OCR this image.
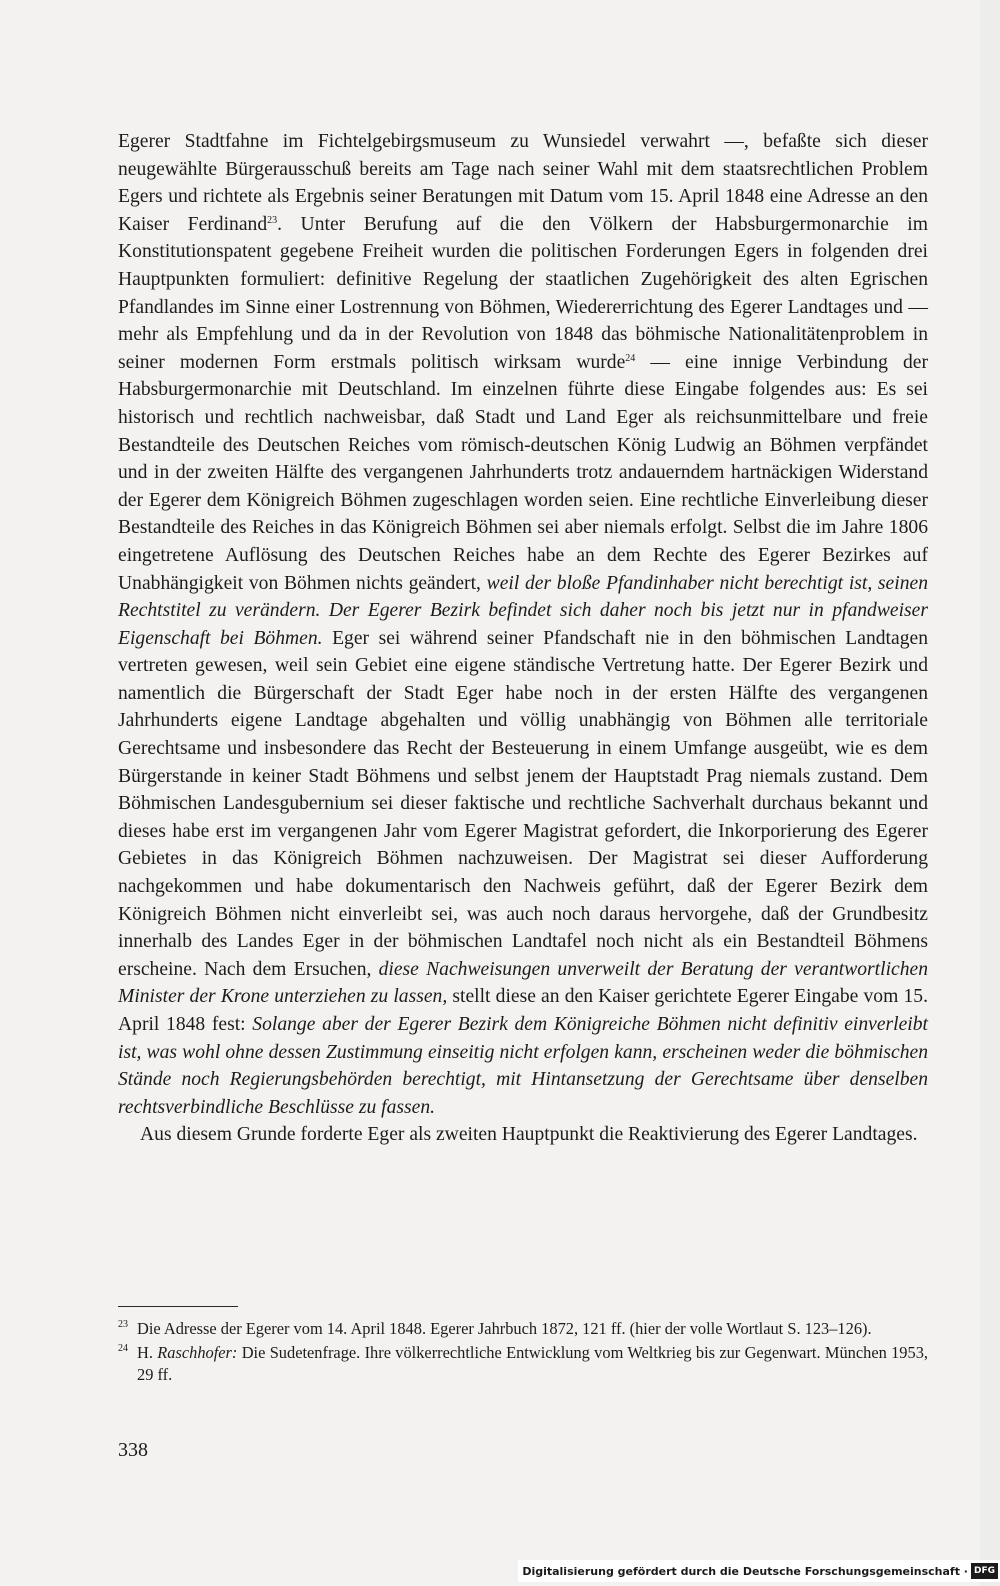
Egerer Stadtfahne im Fichtelgebirgsmuseum zu Wunsiedel verwahrt —, befaßte sich dieser neugewählte Bürgerausschuß bereits am Tage nach seiner Wahl mit dem staatsrechtlichen Problem Egers und richtete als Ergebnis seiner Beratungen mit Datum vom 15. April 1848 eine Adresse an den Kaiser Ferdinand$^{23}$. Unter Berufung auf die den Völkern der Habsburgermonarchie im Konstitutionspatent gegebene Freiheit wurden die politischen Forderungen Egers in folgenden drei Hauptpunkten formuliert: definitive Regelung der staatlichen Zugehörigkeit des alten Egrischen Pfandlandes im Sinne einer Lostrennung von Böhmen, Wiedererrichtung des Egerer Landtages und — mehr als Empfehlung und da in der Revolution von 1848 das böhmische Nationalitätenproblem in seiner modernen Form erstmals politisch wirksam wurde$^{24}$ — eine innige Verbindung der Habsburgermonarchie mit Deutschland. Im einzelnen führte diese Eingabe folgendes aus: Es sei historisch und rechtlich nachweisbar, daß Stadt und Land Eger als reichsunmittelbare und freie Bestandteile des Deutschen Reiches vom römisch-deutschen König Ludwig an Böhmen verpfändet und in der zweiten Hälfte des vergangenen Jahrhunderts trotz andauerndem hartnäckigen Widerstand der Egerer dem Königreich Böhmen zugeschlagen worden seien. Eine rechtliche Einverleibung dieser Bestandteile des Reiches in das Königreich Böhmen sei aber niemals erfolgt. Selbst die im Jahre 1806 eingetretene Auflösung des Deutschen Reiches habe an dem Rechte des Egerer Bezirkes auf Unabhängigkeit von Böhmen nichts geändert, weil der bloße Pfandinhaber nicht berechtigt ist, seinen Rechtstitel zu verändern. Der Egerer Bezirk befindet sich daher noch bis jetzt nur in pfandweiser Eigenschaft bei Böhmen. Eger sei während seiner Pfandschaft nie in den böhmischen Landtagen vertreten gewesen, weil sein Gebiet eine eigene ständische Vertretung hatte. Der Egerer Bezirk und namentlich die Bürgerschaft der Stadt Eger habe noch in der ersten Hälfte des vergangenen Jahrhunderts eigene Landtage abgehalten und völlig unabhängig von Böhmen alle territoriale Gerechtsame und insbesondere das Recht der Besteuerung in einem Umfange ausgeübt, wie es dem Bürgerstande in keiner Stadt Böhmens und selbst jenem der Hauptstadt Prag niemals zustand. Dem Böhmischen Landesgubernium sei dieser faktische und rechtliche Sachverhalt durchaus bekannt und dieses habe erst im vergangenen Jahr vom Egerer Magistrat gefordert, die Inkorporierung des Egerer Gebietes in das Königreich Böhmen nachzuweisen. Der Magistrat sei dieser Aufforderung nachgekommen und habe dokumentarisch den Nachweis geführt, daß der Egerer Bezirk dem Königreich Böhmen nicht einverleibt sei, was auch noch daraus hervorgehe, daß der Grundbesitz innerhalb des Landes Eger in der böhmischen Landtafel noch nicht als ein Bestandteil Böhmens erscheine. Nach dem Ersuchen, diese Nachweisungen unverweilt der Beratung der verantwortlichen Minister der Krone unterziehen zu lassen, stellt diese an den Kaiser gerichtete Egerer Eingabe vom 15. April 1848 fest: Solange aber der Egerer Bezirk dem Königreiche Böhmen nicht definitiv einverleibt ist, was wohl ohne dessen Zustimmung einseitig nicht erfolgen kann, erscheinen weder die böhmischen Stände noch Regierungsbehörden berechtigt, mit Hintansetzung der Gerechtsame über denselben rechtsverbindliche Beschlüsse zu fassen.

Aus diesem Grunde forderte Eger als zweiten Hauptpunkt die Reaktivierung des Egerer Landtages.

23 Die Adresse der Egerer vom 14. April 1848. Egerer Jahrbuch 1872, 121 ff. (hier der volle Wortlaut S. 123–126).
24 H. Raschhofer: Die Sudetenfrage. Ihre völkerrechtliche Entwicklung vom Weltkrieg bis zur Gegenwart. München 1953, 29 ff.
338
Digitalisierung gefördert durch die Deutsche Forschungsgemeinschaft · DFG
